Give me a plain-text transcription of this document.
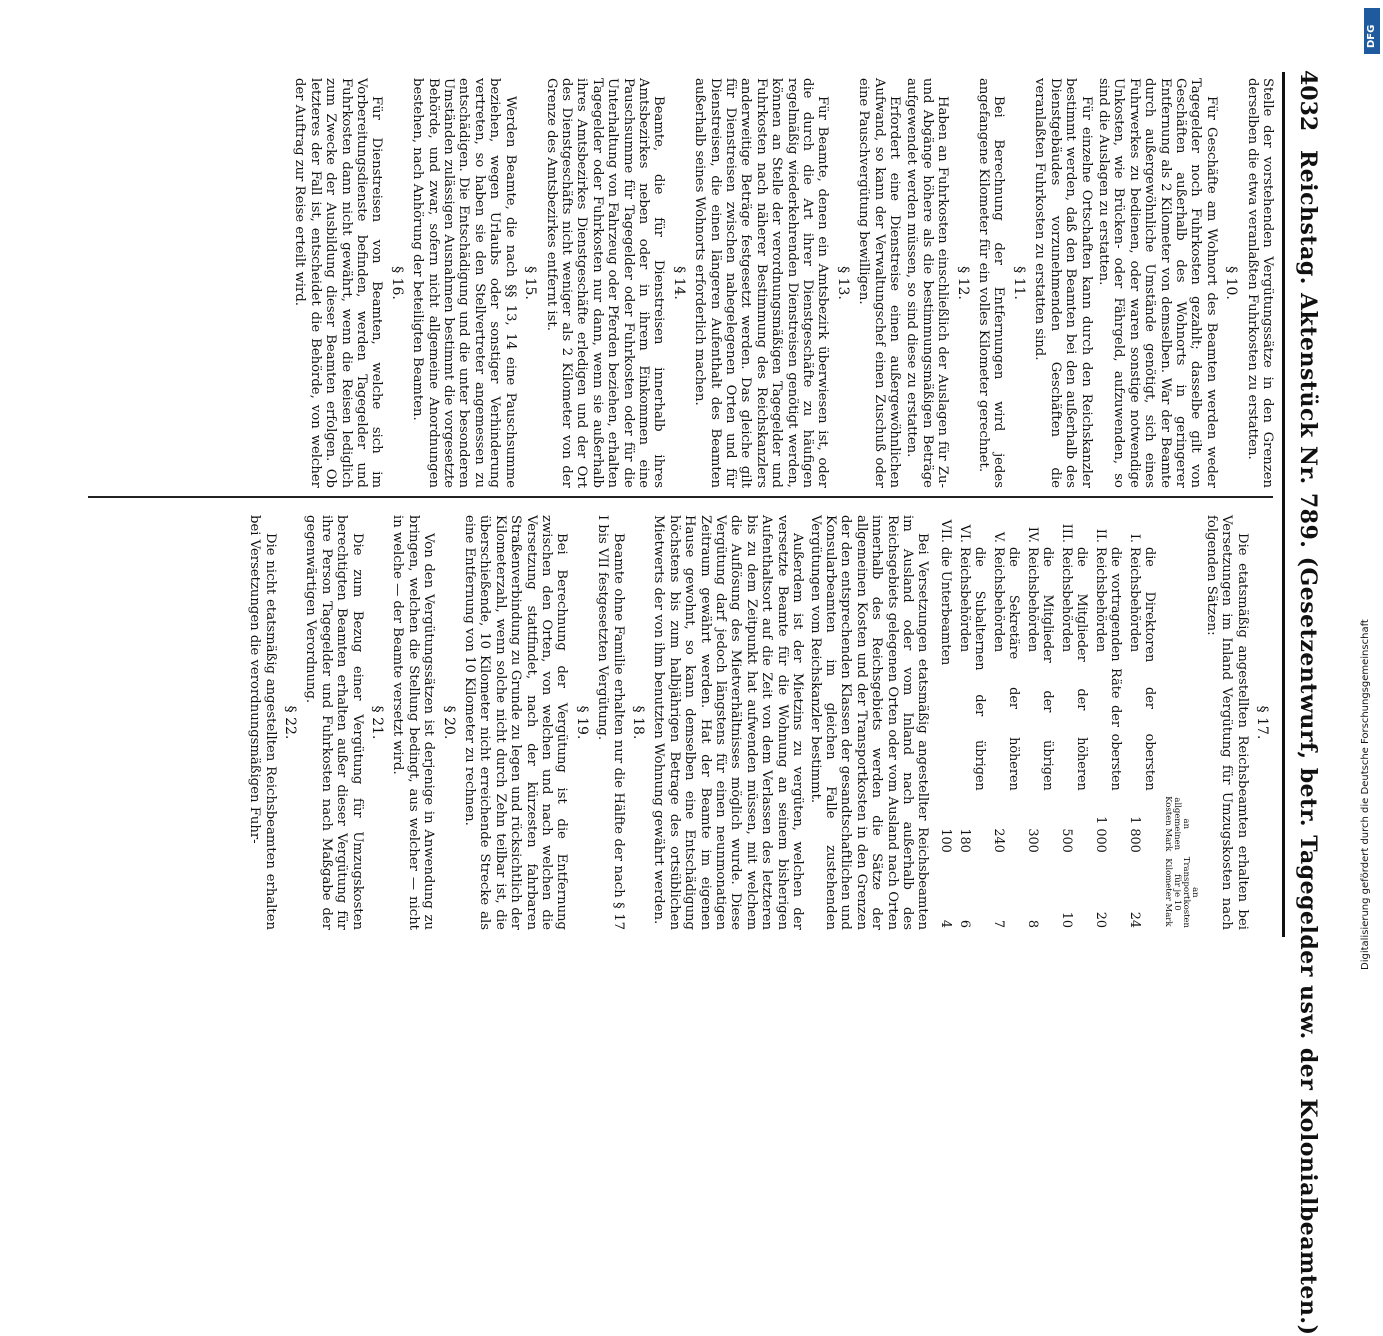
4032
Reichstag. Aktenstück Nr. 789. (Gesetzentwurf, betr. Tagegelder usw. der Kolonialbeamten.)

Stelle der vorstehenden Vergütungssätze in den Grenzen derselben die etwa veranlaßten Fuhrkosten zu erstatten.

§ 10.

Für Geschäfte am Wohnort des Beamten werden weder Tagegelder noch Fuhrkosten gezahlt; dasselbe gilt von Geschäften außerhalb des Wohnorts in geringerer Entfernung als 2 Kilometer von demselben. War der Beamte durch außergewöhnliche Umstände genötigt, sich eines Fuhrwerkes zu bedienen, oder waren sonstige notwendige Unkosten, wie Brücken- oder Fährgeld, aufzuwenden, so sind die Auslagen zu erstatten.

Für einzelne Ortschaften kann durch den Reichskanzler bestimmt werden, daß den Beamten bei den außerhalb des Dienstgebäudes vorzunehmenden Geschäften die veranlaßten Fuhrkosten zu erstatten sind.

§ 11.

Bei Berechnung der Entfernungen wird jedes angefangene Kilometer für ein volles Kilometer gerechnet.

§ 12.

Haben an Fuhrkosten einschließlich der Auslagen für Zu- und Abgänge höhere als die bestimmungsmäßigen Beträge aufgewendet werden müssen, so sind diese zu erstatten.

Erfordert eine Dienstreise einen außergewöhnlichen Aufwand, so kann der Verwaltungschef einen Zuschuß oder eine Pauschvergütung bewilligen.

§ 13.

Für Beamte, denen ein Amtsbezirk überwiesen ist, oder die durch die Art ihrer Dienstgeschäfte zu häufigen regelmäßig wiederkehrenden Dienstreisen genötigt werden, können an Stelle der verordnungsmäßigen Tagegelder und Fuhrkosten nach näherer Bestimmung des Reichskanzlers anderweitige Beträge festgesetzt werden. Das gleiche gilt für Dienstreisen zwischen nahegelegenen Orten und für Dienstreisen, die einen längeren Aufenthalt des Beamten außerhalb seines Wohnorts erforderlich machen.

§ 14.

Beamte, die für Dienstreisen innerhalb ihres Amtsbezirkes neben oder in ihrem Einkommen eine Pauschsumme für Tagegelder oder Fuhrkosten oder für die Unterhaltung von Fahrzeug oder Pferden beziehen, erhalten Tagegelder oder Fuhrkosten nur dann, wenn sie außerhalb ihres Amtsbezirkes Dienstgeschäfte erledigen und der Ort des Dienstgeschäfts nicht weniger als 2 Kilometer von der Grenze des Amtsbezirkes entfernt ist.

§ 15.

Werden Beamte, die nach §§ 13, 14 eine Pauschsumme beziehen, wegen Urlaubs oder sonstiger Verhinderung vertreten, so haben sie den Stellvertreter angemessen zu entschädigen. Die Entschädigung und die unter besonderen Umständen zulässigen Ausnahmen bestimmt die vorgesetzte Behörde, und zwar, sofern nicht allgemeine Anordnungen bestehen, nach Anhörung der beteiligten Beamten.

§ 16.

Für Dienstreisen von Beamten, welche sich im Vorbereitungsdienste befinden, werden Tagegelder und Fuhrkosten dann nicht gewährt, wenn die Reisen lediglich zum Zwecke der Ausbildung dieser Beamten erfolgen. Ob letzteres der Fall ist, entscheidet die Behörde, von welcher der Auftrag zur Reise erteilt wird.

§ 17.

Die etatsmäßig angestellten Reichsbeamten erhalten bei Versetzungen im Inland Vergütung für Umzugskosten nach folgenden Sätzen:

		an allgemeinen Kosten Mark	an Transportkosten für je 10 Kilometer Mark
I.	die Direktoren der obersten Reichsbehörden	1 800	24
II.	die vortragenden Räte der obersten Reichsbehörden	1 000	20
III.	die Mitglieder der höheren Reichsbehörden	500	10
IV.	die Mitglieder der übrigen Reichsbehörden	300	8
V.	die Sekretäre der höheren Reichsbehörden	240	7
VI.	die Subalternen der übrigen Reichsbehörden	180	6
VII.	die Unterbeamten	100	4

Bei Versetzungen etatsmäßig angestellter Reichsbeamten im Ausland oder vom Inland nach außerhalb des Reichsgebiets gelegenen Orten oder vom Ausland nach Orten innerhalb des Reichsgebiets werden die Sätze der allgemeinen Kosten und der Transportkosten in den Grenzen der den entsprechenden Klassen der gesandtschaftlichen und Konsularbeamten im gleichen Falle zustehenden Vergütungen vom Reichskanzler bestimmt.

Außerdem ist der Mietzins zu vergüten, welchen der versetzte Beamte für die Wohnung an seinem bisherigen Aufenthaltsort auf die Zeit von dem Verlassen des letzteren bis zu dem Zeitpunkt hat aufwenden müssen, mit welchem die Auflösung des Mietverhältnisses möglich wurde. Diese Vergütung darf jedoch längstens für einen neunmonatigen Zeitraum gewährt werden. Hat der Beamte im eigenen Hause gewohnt, so kann demselben eine Entschädigung höchstens bis zum halbjährigen Betrage des ortsüblichen Mietwerts der von ihm benutzten Wohnung gewährt werden.

§ 18.

Beamte ohne Familie erhalten nur die Hälfte der nach § 17 I bis VII festgesetzten Vergütung.

§ 19.

Bei Berechnung der Vergütung ist die Entfernung zwischen den Orten, von welchen und nach welchen die Versetzung stattfindet, nach der kürzesten fahrbaren Straßenverbindung zu Grunde zu legen und rücksichtlich der Kilometerzahl, wenn solche nicht durch Zehn teilbar ist, die überschießende, 10 Kilometer nicht erreichende Strecke als eine Entfernung von 10 Kilometer zu rechnen.

§ 20.

Von den Vergütungssätzen ist derjenige in Anwendung zu bringen, welchen die Stellung bedingt, aus welcher — nicht in welche — der Beamte versetzt wird.

§ 21.

Die zum Bezug einer Vergütung für Umzugskosten berechtigten Beamten erhalten außer dieser Vergütung für ihre Person Tagegelder und Fuhrkosten nach Maßgabe der gegenwärtigen Verordnung.

§ 22.

Die nicht etatsmäßig angestellten Reichsbeamten erhalten bei Versetzungen die verordnungsmäßigen Fuhr-	Digitalisierung gefördert durch die Deutsche Forschungsgemeinschaft
DFG
